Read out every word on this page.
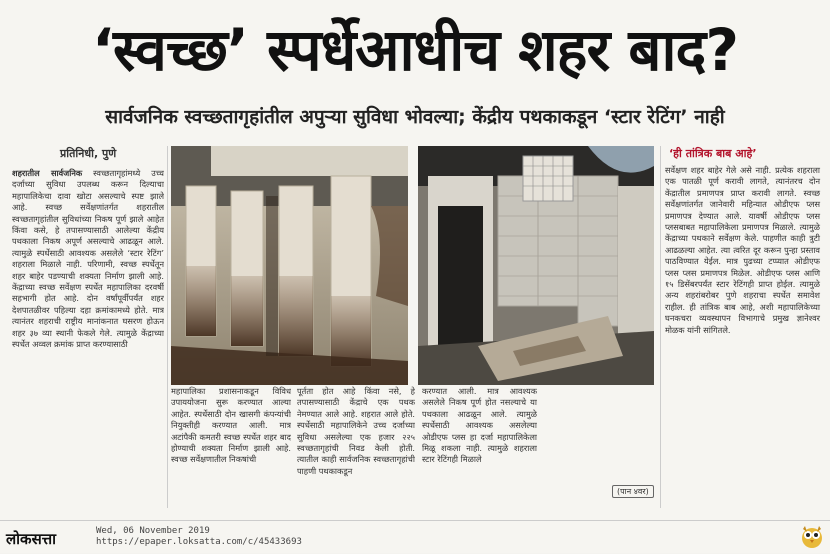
‘स्वच्छ’ स्पर्धेआधीच शहर बाद?
सार्वजनिक स्वच्छतागृहांतील अपुऱ्या सुविधा भोवल्या; केंद्रीय पथकाकडून ‘स्टार रेटिंग’ नाही
प्रतिनिधी, पुणे
शहरातील सार्वजनिक स्वच्छतागृहांमध्ये उच्च दर्जाच्या सुविधा उपलब्ध करून दिल्याचा महापालिकेचा दावा खोटा असल्याचे स्पष्ट झाले आहे. स्वच्छ सर्वेक्षणांतर्गत शहरातील स्वच्छतागृहांतील सुविधांच्या निकष पूर्ण झाले आहेत किंवा कसे, हे तपासण्यासाठी आलेल्या केंद्रीय पथकाला निकष अपूर्ण असल्याचे आढळून आले. त्यामुळे स्पर्धेसाठी आवश्यक असलेले ‘स्टार रेटिंग’ शहराला मिळाले नाही. परिणामी, स्वच्छ स्पर्धेतून शहर बाहेर पडण्याची शक्यता निर्माण झाली आहे. केंद्राच्या स्वच्छ सर्वेक्षण स्पर्धेत महापालिका दरवर्षी सहभागी होत आहे. दोन वर्षांपूर्वीपर्यंत शहर देशपातळीवर पहिल्या दहा क्रमांकामध्ये होते. मात्र त्यानंतर शहराची राष्ट्रीय मानांकनात घसरण होऊन शहर ३७ व्या स्थानी फेकले गेले. त्यामुळे केंद्राच्या स्पर्धेत अव्वल क्रमांक प्राप्त करण्यासाठी
महापालिका प्रशासनाकडून विविध उपाययोजना सुरू करण्यात आल्या आहेत. स्पर्धेसाठी दोन खासगी कंपन्यांची नियुक्तीही करण्यात आली. मात्र अटांपैकी कमतरी स्वच्छ स्पर्धेत शहर बाद होण्याची शक्यता निर्माण झाली आहे. स्वच्छ सर्वेक्षणातील निकषांची
पूर्तता होत आहे किंवा नसे, हे तपासण्यासाठी केंद्राचे एक पथक नेमण्यात आले आहे. शहरात आले होते. स्पर्धेसाठी महापालिकेने उच्च दर्जाच्या सुविधा असलेल्या एक हजार २२५ स्वच्छतागृहांची निवड केली होती. त्यातील काही सार्वजनिक स्वच्छतागृहांची पाहणी पथकाकडून
करण्यात आली. मात्र आवश्यक असलेले निकष पूर्ण होत नसल्याचे या पथकाला आढळून आले. त्यामुळे स्पर्धेसाठी आवश्यक असलेल्या ओडीएफ प्लस हा दर्जा महापालिकेला मिळू शकला नाही. त्यामुळे शहराला स्टार रेटिंगही मिळाले
(पान ४वर)
‘ही तांत्रिक बाब आहे’
सर्वेक्षण शहर बाहेर गेले असे नाही. प्रत्येक शहराला एक पातळी पूर्ण करावी लागते, त्यानंतरच दोन केंद्रातील प्रमाणपत्र प्राप्त करावी लागते. स्वच्छ सर्वेक्षणांतर्गत जानेवारी महिन्यात ओडीएफ प्लस प्रमाणपत्र देण्यात आले. यावर्षी ओडीएफ प्लस प्लसबाबत महापालिकेला प्रमाणपत्र मिळाले. त्यामुळे केंद्राच्या पथकाने सर्वेक्षण केले. पाहणीत काही त्रुटी आढळल्या आहेत. त्या त्वरित दूर करून पुन्हा प्रस्ताव पाठविण्यात येईल. मात्र पुढच्या टप्प्यात ओडीएफ प्लस प्लस प्रमाणपत्र मिळेल. ओडीएफ प्लस आणि १५ डिसेंबरपर्यंत स्टार रेटिंगही प्राप्त होईल. त्यामुळे अन्य शहरांबरोबर पुणे शहराचा स्पर्धेत समावेश राहील. ही तांत्रिक बाब आहे, अशी महापालिकेच्या घनकचरा व्यवस्थापन विभागाचे प्रमुख ज्ञानेश्वर मोळक यांनी सांगितले.
लोकसत्ता	Wed, 06 November 2019
https://epaper.loksatta.com/c/45433693
